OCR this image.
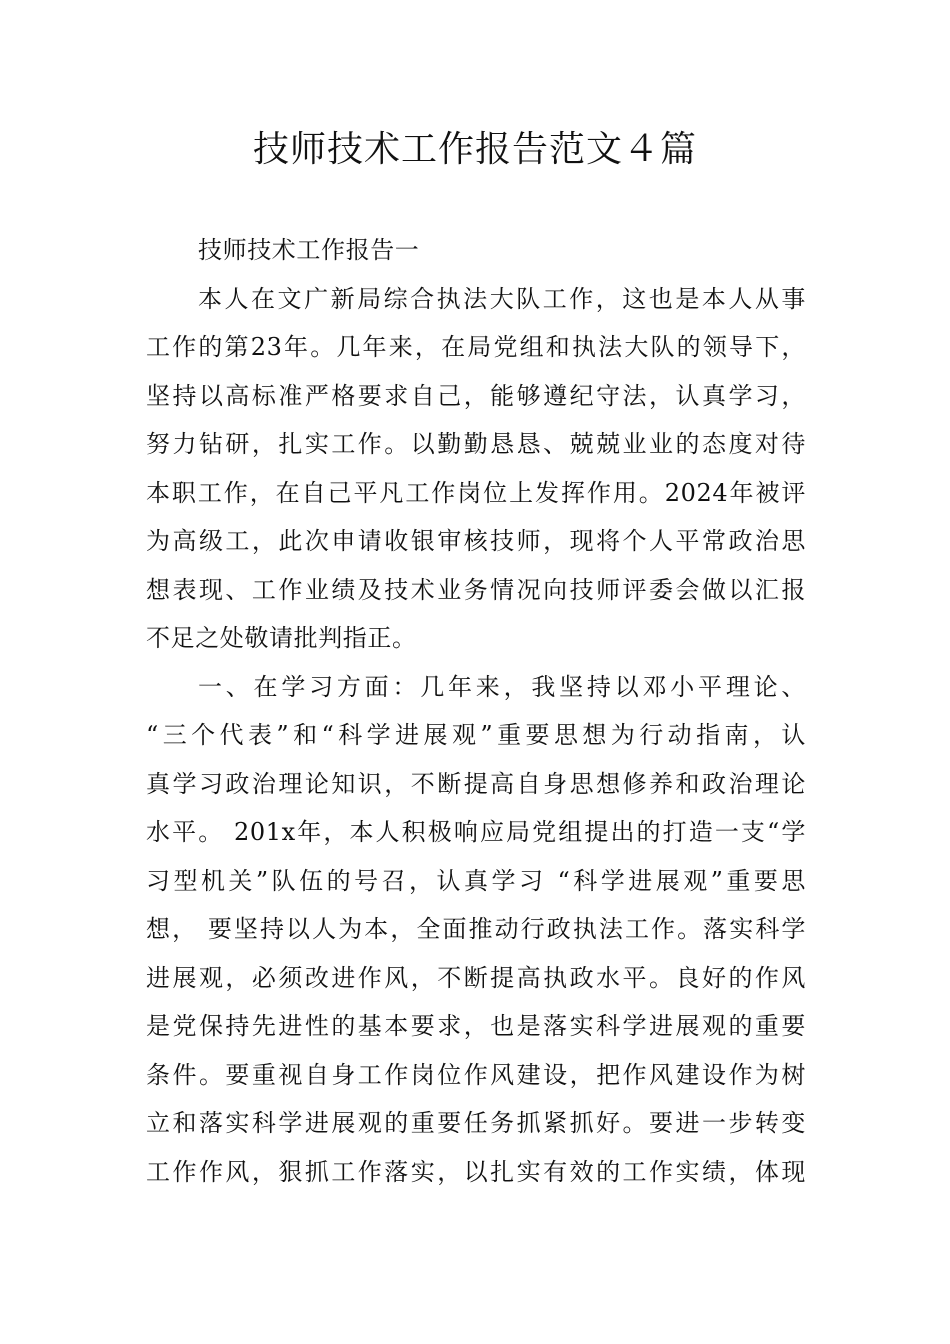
技师技术工作报告范文４篇
技师技术工作报告一
本人在文广新局综合执法大队工作，这也是本人从事
工作的第23年。几年来，在局党组和执法大队的领导下，
坚持以高标准严格要求自己，能够遵纪守法，认真学习，
努力钻研，扎实工作。以勤勤恳恳、兢兢业业的态度对待
本职工作，在自己平凡工作岗位上发挥作用。2024年被评
为高级工，此次申请收银审核技师，现将个人平常政治思
想表现、工作业绩及技术业务情况向技师评委会做以汇报
不足之处敬请批判指正。
一、在学习方面：几年来，我坚持以邓小平理论、
“三个代表”和“科学进展观”重要思想为行动指南，认
真学习政治理论知识，不断提高自身思想修养和政治理论
水平。 201x年，本人积极响应局党组提出的打造一支“学
习型机关”队伍的号召，认真学习 “科学进展观”重要思
想， 要坚持以人为本，全面推动行政执法工作。落实科学
进展观，必须改进作风，不断提高执政水平。良好的作风
是党保持先进性的基本要求，也是落实科学进展观的重要
条件。要重视自身工作岗位作风建设，把作风建设作为树
立和落实科学进展观的重要任务抓紧抓好。要进一步转变
工作作风，狠抓工作落实，以扎实有效的工作实绩，体现
